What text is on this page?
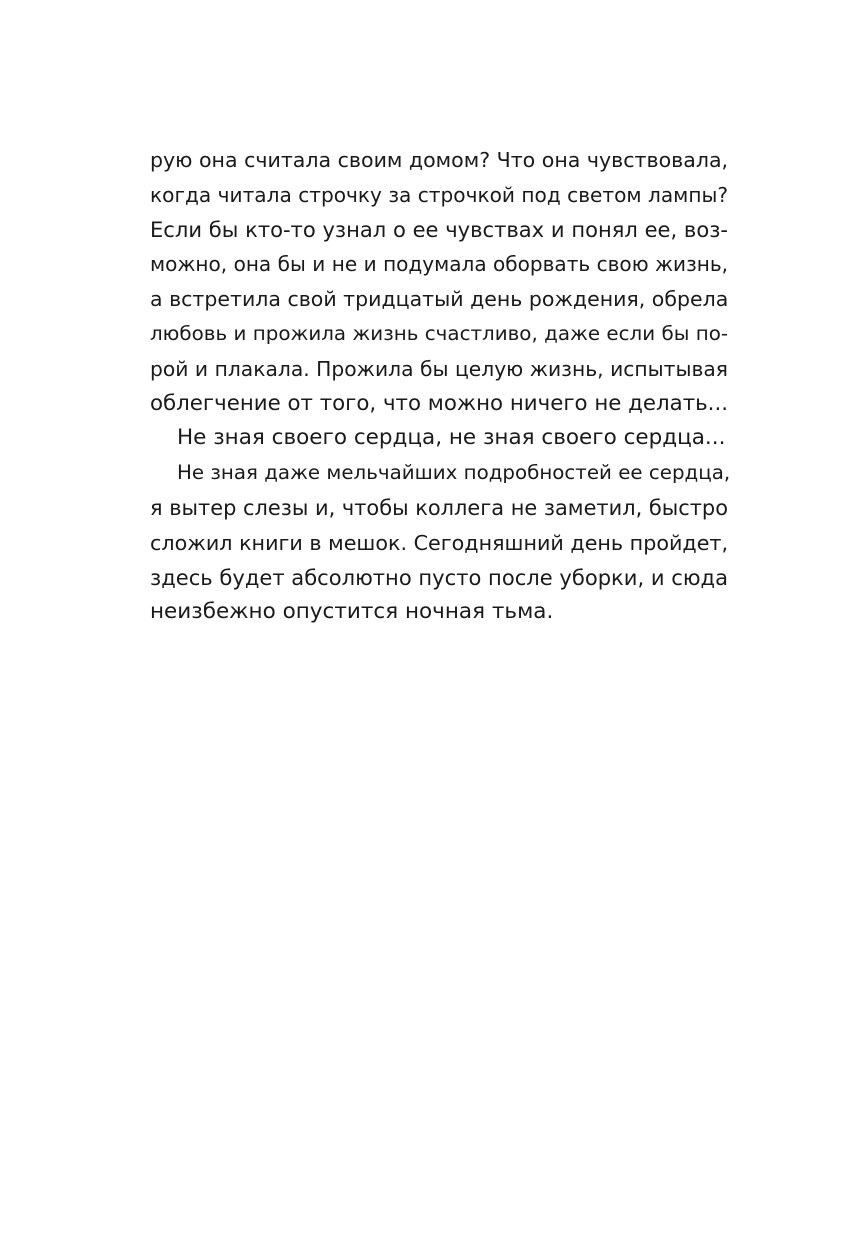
рую она считала своим домом? Что она чувствовала,
когда читала строчку за строчкой под светом лампы?
Если бы кто-то узнал о ее чувствах и понял ее, воз-
можно, она бы и не и подумала оборвать свою жизнь,
а встретила свой тридцатый день рождения, обрела
любовь и прожила жизнь счастливо, даже если бы по-
рой и плакала. Прожила бы целую жизнь, испытывая
облегчение от того, что можно ничего не делать...

Не зная своего сердца, не зная своего сердца...

Не зная даже мельчайших подробностей ее сердца,
я вытер слезы и, чтобы коллега не заметил, быстро
сложил книги в мешок. Сегодняшний день пройдет,
здесь будет абсолютно пусто после уборки, и сюда
неизбежно опустится ночная тьма.
